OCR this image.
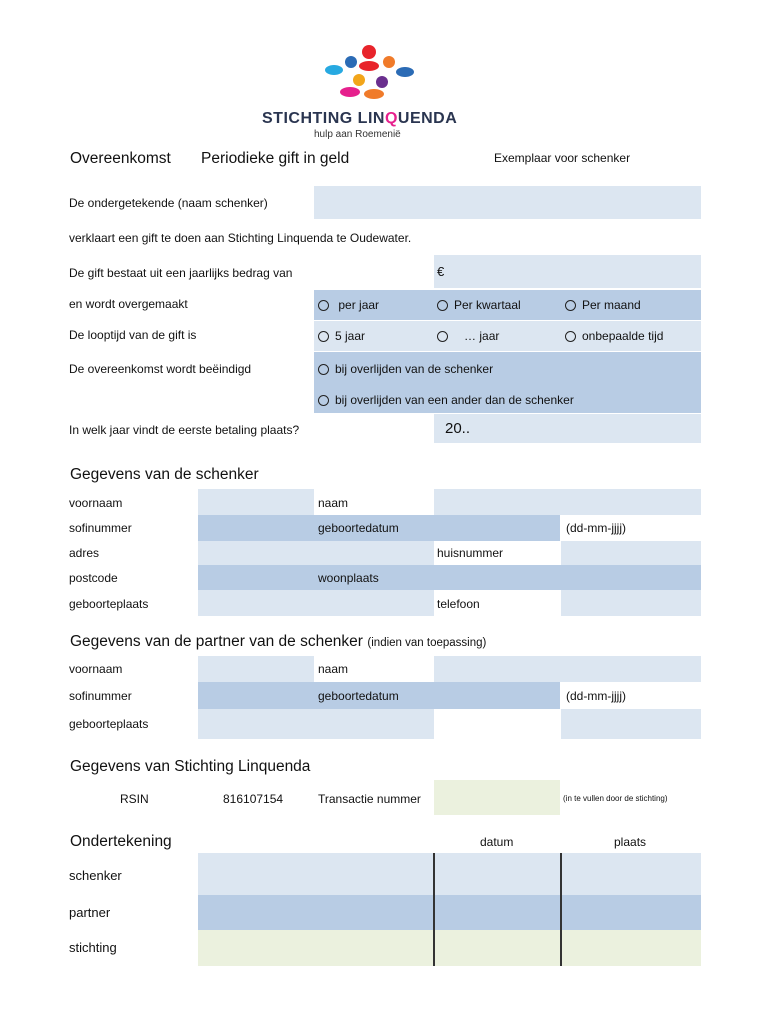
STICHTING LINQUENDA
hulp aan Roemenië
Overeenkomst Periodieke gift in geld	Exemplaar voor schenker
De ondergetekende (naam schenker)
verklaart een gift te doen aan Stichting Linquenda te Oudewater.
De gift bestaat uit een jaarlijks bedrag van	€
en wordt overgemaakt	per jaar	Per kwartaal	Per maand
De looptijd van de gift is	5 jaar	… jaar	onbepaalde tijd
De overeenkomst wordt beëindigd	bij overlijden van de schenker
bij overlijden van een ander dan de schenker
In welk jaar vindt de eerste betaling plaats?	20..
Gegevens van de schenker
voornaam	naam
sofinummer	geboortedatum	(dd-mm-jjjj)
adres	huisnummer
postcode	woonplaats
geboorteplaats	telefoon
Gegevens van de partner van de schenker (indien van toepassing)
voornaam	naam
sofinummer	geboortedatum	(dd-mm-jjjj)
geboorteplaats
Gegevens van Stichting Linquenda
RSIN	816107154	Transactie nummer	(in te vullen door de stichting)
Ondertekening	datum	plaats
schenker
partner
stichting
